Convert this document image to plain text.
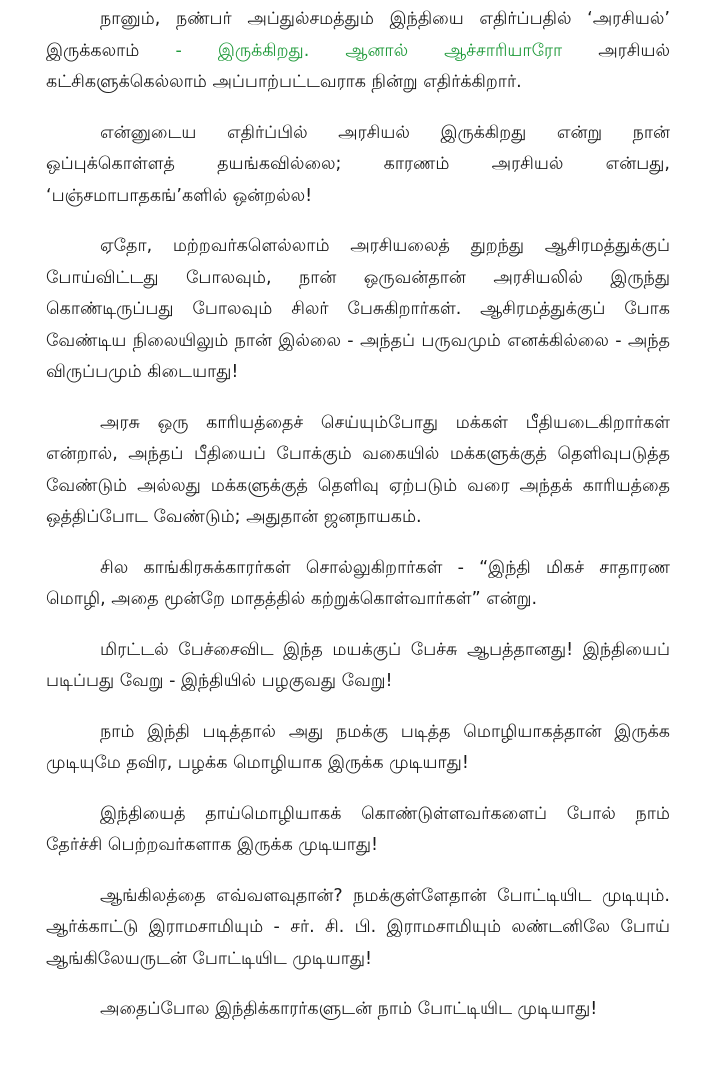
நானும், நண்பர் அப்துல்சமத்தும் இந்தியை எதிர்ப்பதில் ‘அரசியல்’ இருக்கலாம் - இருக்கிறது. ஆனால் ஆச்சாரியாரோ அரசியல் கட்சிகளுக்கெல்லாம் அப்பாற்பட்டவராக நின்று எதிர்க்கிறார்.

என்னுடைய எதிர்ப்பில் அரசியல் இருக்கிறது என்று நான் ஒப்புக்கொள்ளத் தயங்கவில்லை; காரணம் அரசியல் என்பது, ‘பஞ்சமாபாதகங்’களில் ஒன்றல்ல!

ஏதோ, மற்றவர்களெல்லாம் அரசியலைத் துறந்து ஆசிரமத்துக்குப் போய்விட்டது போலவும், நான் ஒருவன்தான் அரசியலில் இருந்து கொண்டிருப்பது போலவும் சிலர் பேசுகிறார்கள். ஆசிரமத்துக்குப் போக வேண்டிய நிலையிலும் நான் இல்லை - அந்தப் பருவமும் எனக்கில்லை - அந்த விருப்பமும் கிடையாது!

அரசு ஒரு காரியத்தைச் செய்யும்போது மக்கள் பீதியடைகிறார்கள் என்றால், அந்தப் பீதியைப் போக்கும் வகையில் மக்களுக்குத் தெளிவுபடுத்த வேண்டும் அல்லது மக்களுக்குத் தெளிவு ஏற்படும் வரை அந்தக் காரியத்தை ஒத்திப்போட வேண்டும்; அதுதான் ஜனநாயகம்.

சில காங்கிரசுக்காரர்கள் சொல்லுகிறார்கள் - “இந்தி மிகச் சாதாரண மொழி, அதை மூன்றே மாதத்தில் கற்றுக்கொள்வார்கள்” என்று.

மிரட்டல் பேச்சைவிட இந்த மயக்குப் பேச்சு ஆபத்தானது! இந்தியைப் படிப்பது வேறு - இந்தியில் பழகுவது வேறு!

நாம் இந்தி படித்தால் அது நமக்கு படித்த மொழியாகத்தான் இருக்க முடியுமே தவிர, பழக்க மொழியாக இருக்க முடியாது!

இந்தியைத் தாய்மொழியாகக் கொண்டுள்ளவர்களைப் போல் நாம் தேர்ச்சி பெற்றவர்களாக இருக்க முடியாது!

ஆங்கிலத்தை எவ்வளவுதான்? நமக்குள்ளேதான் போட்டியிட முடியும். ஆர்க்காட்டு இராமசாமியும் - சர். சி. பி. இராமசாமியும் லண்டனிலே போய் ஆங்கிலேயருடன் போட்டியிட முடியாது!

அதைப்போல இந்திக்காரர்களுடன் நாம் போட்டியிட முடியாது!
